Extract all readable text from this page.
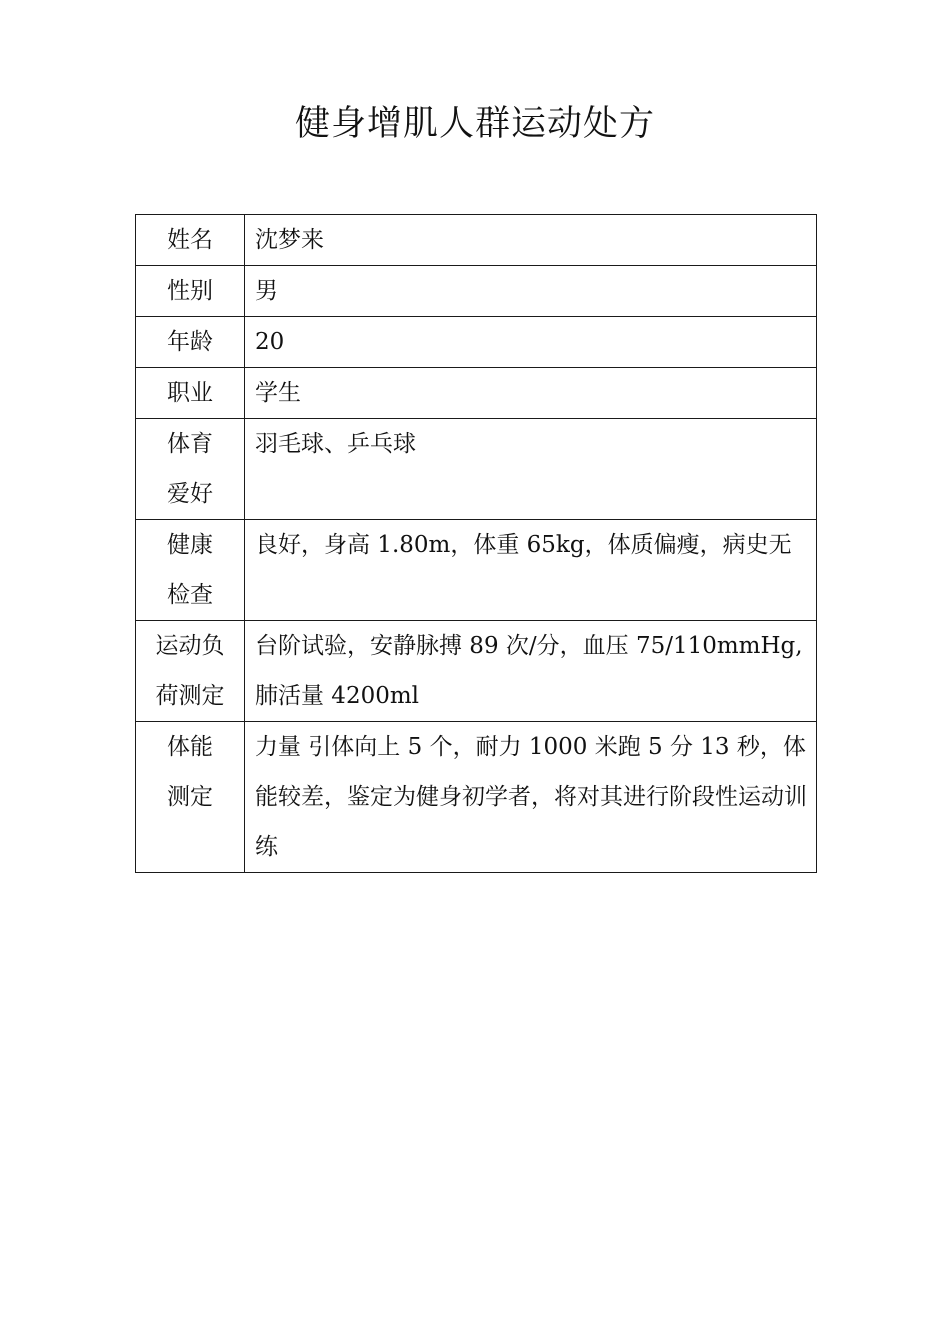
健身增肌人群运动处方
姓名	沈梦来

性别	男

年龄	20

职业	学生

体育
爱好	羽毛球、乒乓球

健康
检查	良好，身高 1.80m，体重 65kg，体质偏瘦，病史无

运动负
荷测定	台阶试验，安静脉搏 89 次/分，血压 75/110mmHg,肺活量 4200ml

体能
测定	力量 引体向上 5 个，耐力 1000 米跑 5 分 13 秒，体能较差，鉴定为健身初学者，将对其进行阶段性运动训练
